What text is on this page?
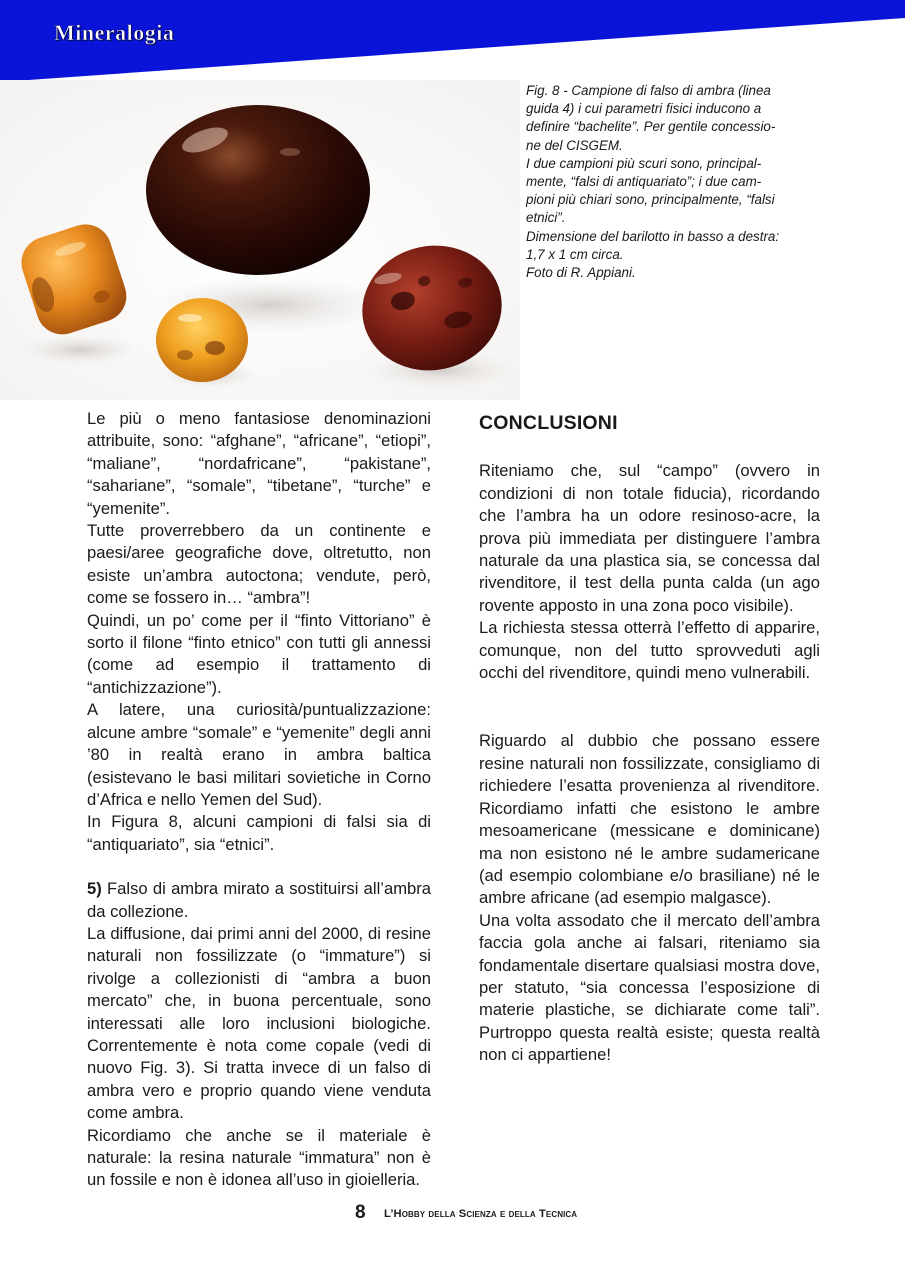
Mineralogia
Fig. 8 - Campione di falso di ambra (linea
guida 4) i cui parametri fisici inducono a
definire “bachelite”. Per gentile concessio-
ne del CISGEM.
I due campioni più scuri sono, principal-
mente, “falsi di antiquariato”; i due cam-
pioni più chiari sono, principalmente, “falsi
etnici”.
Dimensione del barilotto in basso a destra:
1,7 x 1 cm circa.
Foto di R. Appiani.

Le più o meno fantasiose denominazioni attribuite, sono: “afghane”, “africane”, “etiopi”, “maliane”, “nordafricane”, “pakistane”, “sahariane”, “somale”, “tibetane”, “turche” e “yemenite”.

Tutte proverrebbero da un continente e paesi/aree geografiche dove, oltretutto, non esiste un’ambra autoctona; vendute, però, come se fossero in… “ambra”!

Quindi, un po’ come per il “finto Vittoriano” è sorto il filone “finto etnico” con tutti gli annessi (come ad esempio il trattamento di “antichizzazione”).

A latere, una curiosità/puntualizzazione: alcune ambre “somale” e “yemenite” degli anni ’80 in realtà erano in ambra baltica (esistevano le basi militari sovietiche in Corno d’Africa e nello Yemen del Sud).

In Figura 8, alcuni campioni di falsi sia di “antiquariato”, sia “etnici”.

5) Falso di ambra mirato a sostituirsi all’ambra da collezione.

La diffusione, dai primi anni del 2000, di resine naturali non fossilizzate (o “immature”) si rivolge a collezionisti di “ambra a buon mercato” che, in buona percentuale, sono interessati alle loro inclusioni biologiche. Correntemente è nota come copale (vedi di nuovo Fig. 3). Si tratta invece di un falso di ambra vero e proprio quando viene venduta come ambra.

Ricordiamo che anche se il materiale è naturale: la resina naturale “immatura” non è un fossile e non è idonea all’uso in gioielleria.

CONCLUSIONI

Riteniamo che, sul “campo” (ovvero in condizioni di non totale fiducia), ricordando che l’ambra ha un odore resinoso-acre, la prova più immediata per distinguere l’ambra naturale da una plastica sia, se concessa dal rivenditore, il test della punta calda (un ago rovente apposto in una zona poco visibile).

La richiesta stessa otterrà l’effetto di apparire, comunque, non del tutto sprovveduti agli occhi del rivenditore, quindi meno vulnerabili.

Riguardo al dubbio che possano essere resine naturali non fossilizzate, consigliamo di richiedere l’esatta provenienza al rivenditore. Ricordiamo infatti che esistono le ambre mesoamericane (messicane e dominicane) ma non esistono né le ambre sudamericane (ad esempio colombiane e/o brasiliane) né le ambre africane (ad esempio malgasce).

Una volta assodato che il mercato dell’ambra faccia gola anche ai falsari, riteniamo sia fondamentale disertare qualsiasi mostra dove, per statuto, “sia concessa l’esposizione di materie plastiche, se dichiarate come tali”. Purtroppo questa realtà esiste; questa realtà non ci appartiene!

8 L’Hobby della Scienza e della Tecnica
